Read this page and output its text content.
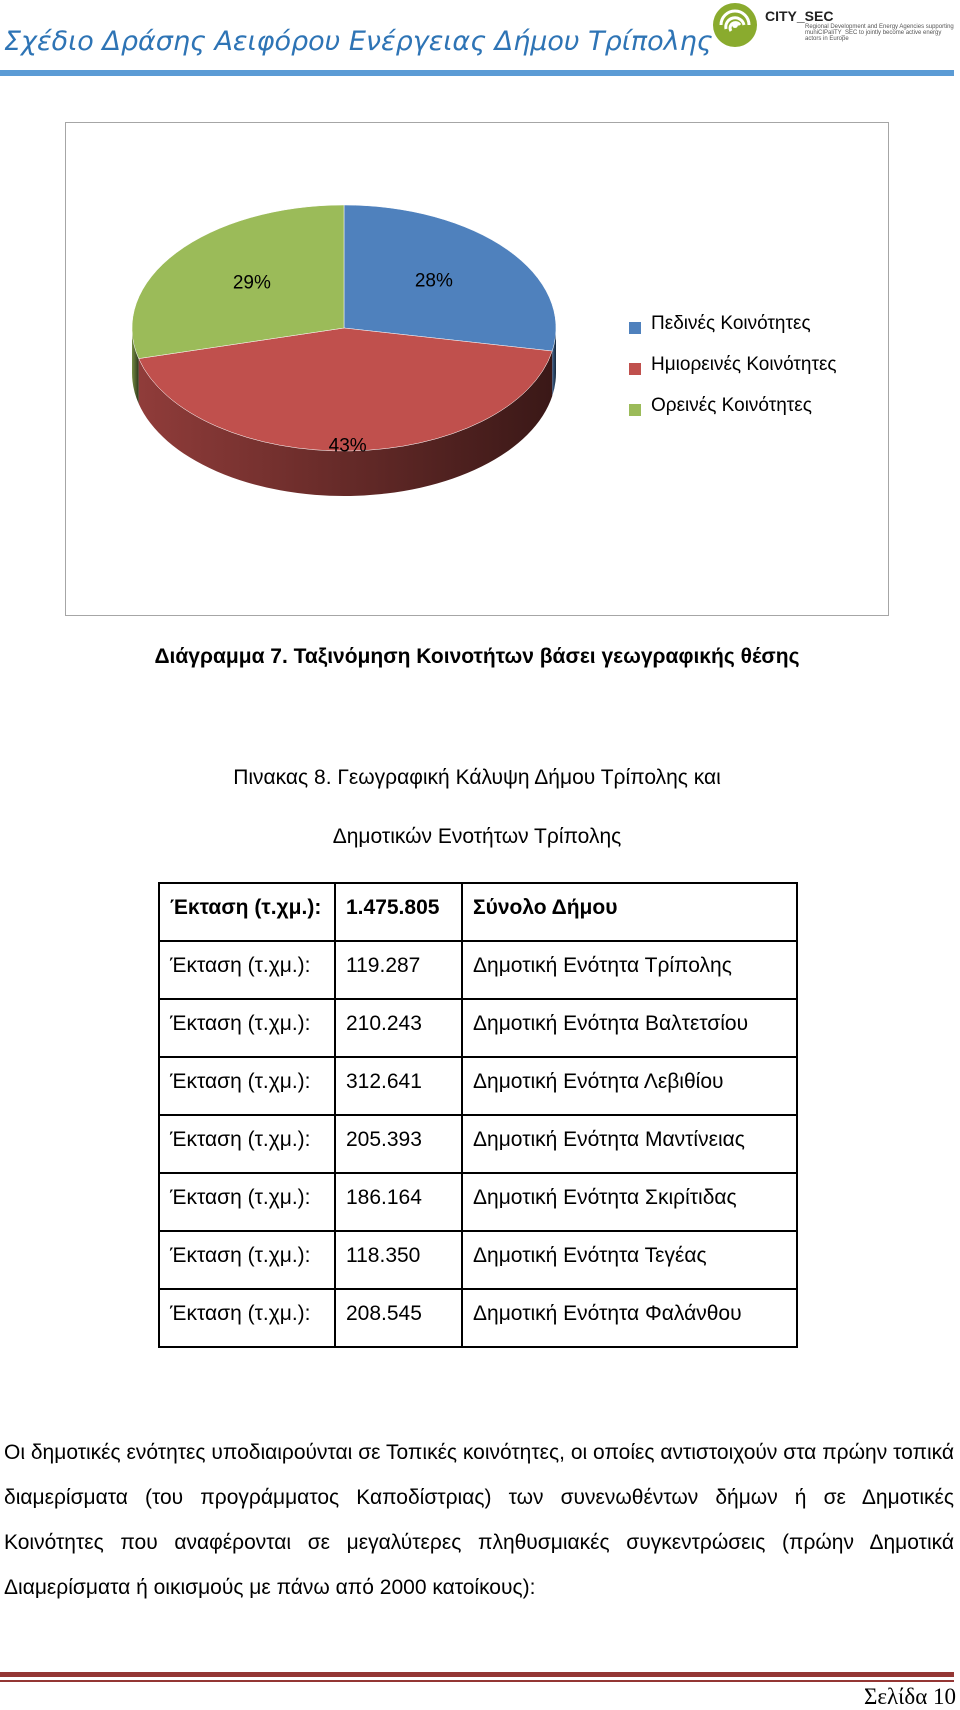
Σχέδιο Δράσης Αειφόρου Ενέργειας Δήμου Τρίπολης
CITY_SEC
Regional Development and Energy Agencies supporting muniCIPaliTY_SEC to jointly become active energy actors in Europe
28%
43%
29%
Πεδινές Κοινότητες
Ημιορεινές Κοινότητες
Ορεινές Κοινότητες
Διάγραμμα 7. Ταξινόμηση Κοινοτήτων βάσει γεωγραφικής θέσης
Πινακας 8. Γεωγραφική Κάλυψη Δήμου Τρίπολης και
Δημοτικών Ενοτήτων Τρίπολης
Έκταση (τ.χμ.):	1.475.805	Σύνολο Δήμου
Έκταση (τ.χμ.):	119.287	Δημοτική Ενότητα Τρίπολης
Έκταση (τ.χμ.):	210.243	Δημοτική Ενότητα Βαλτετσίου
Έκταση (τ.χμ.):	312.641	Δημοτική Ενότητα Λεβιθίου
Έκταση (τ.χμ.):	205.393	Δημοτική Ενότητα Μαντίνειας
Έκταση (τ.χμ.):	186.164	Δημοτική Ενότητα Σκιρίτιδας
Έκταση (τ.χμ.):	118.350	Δημοτική Ενότητα Τεγέας
Έκταση (τ.χμ.):	208.545	Δημοτική Ενότητα Φαλάνθου

Οι δημοτικές ενότητες υποδιαιρούνται σε Τοπικές κοινότητες, οι οποίες αντιστοιχούν στα πρώην τοπικά διαμερίσματα (του προγράμματος Καποδίστριας) των συνενωθέντων δήμων ή σε Δημοτικές Κοινότητες που αναφέρονται σε μεγαλύτερες πληθυσμιακές συγκεντρώσεις (πρώην Δημοτικά Διαμερίσματα ή οικισμούς με πάνω από 2000 κατοίκους):

Σελίδα 10
